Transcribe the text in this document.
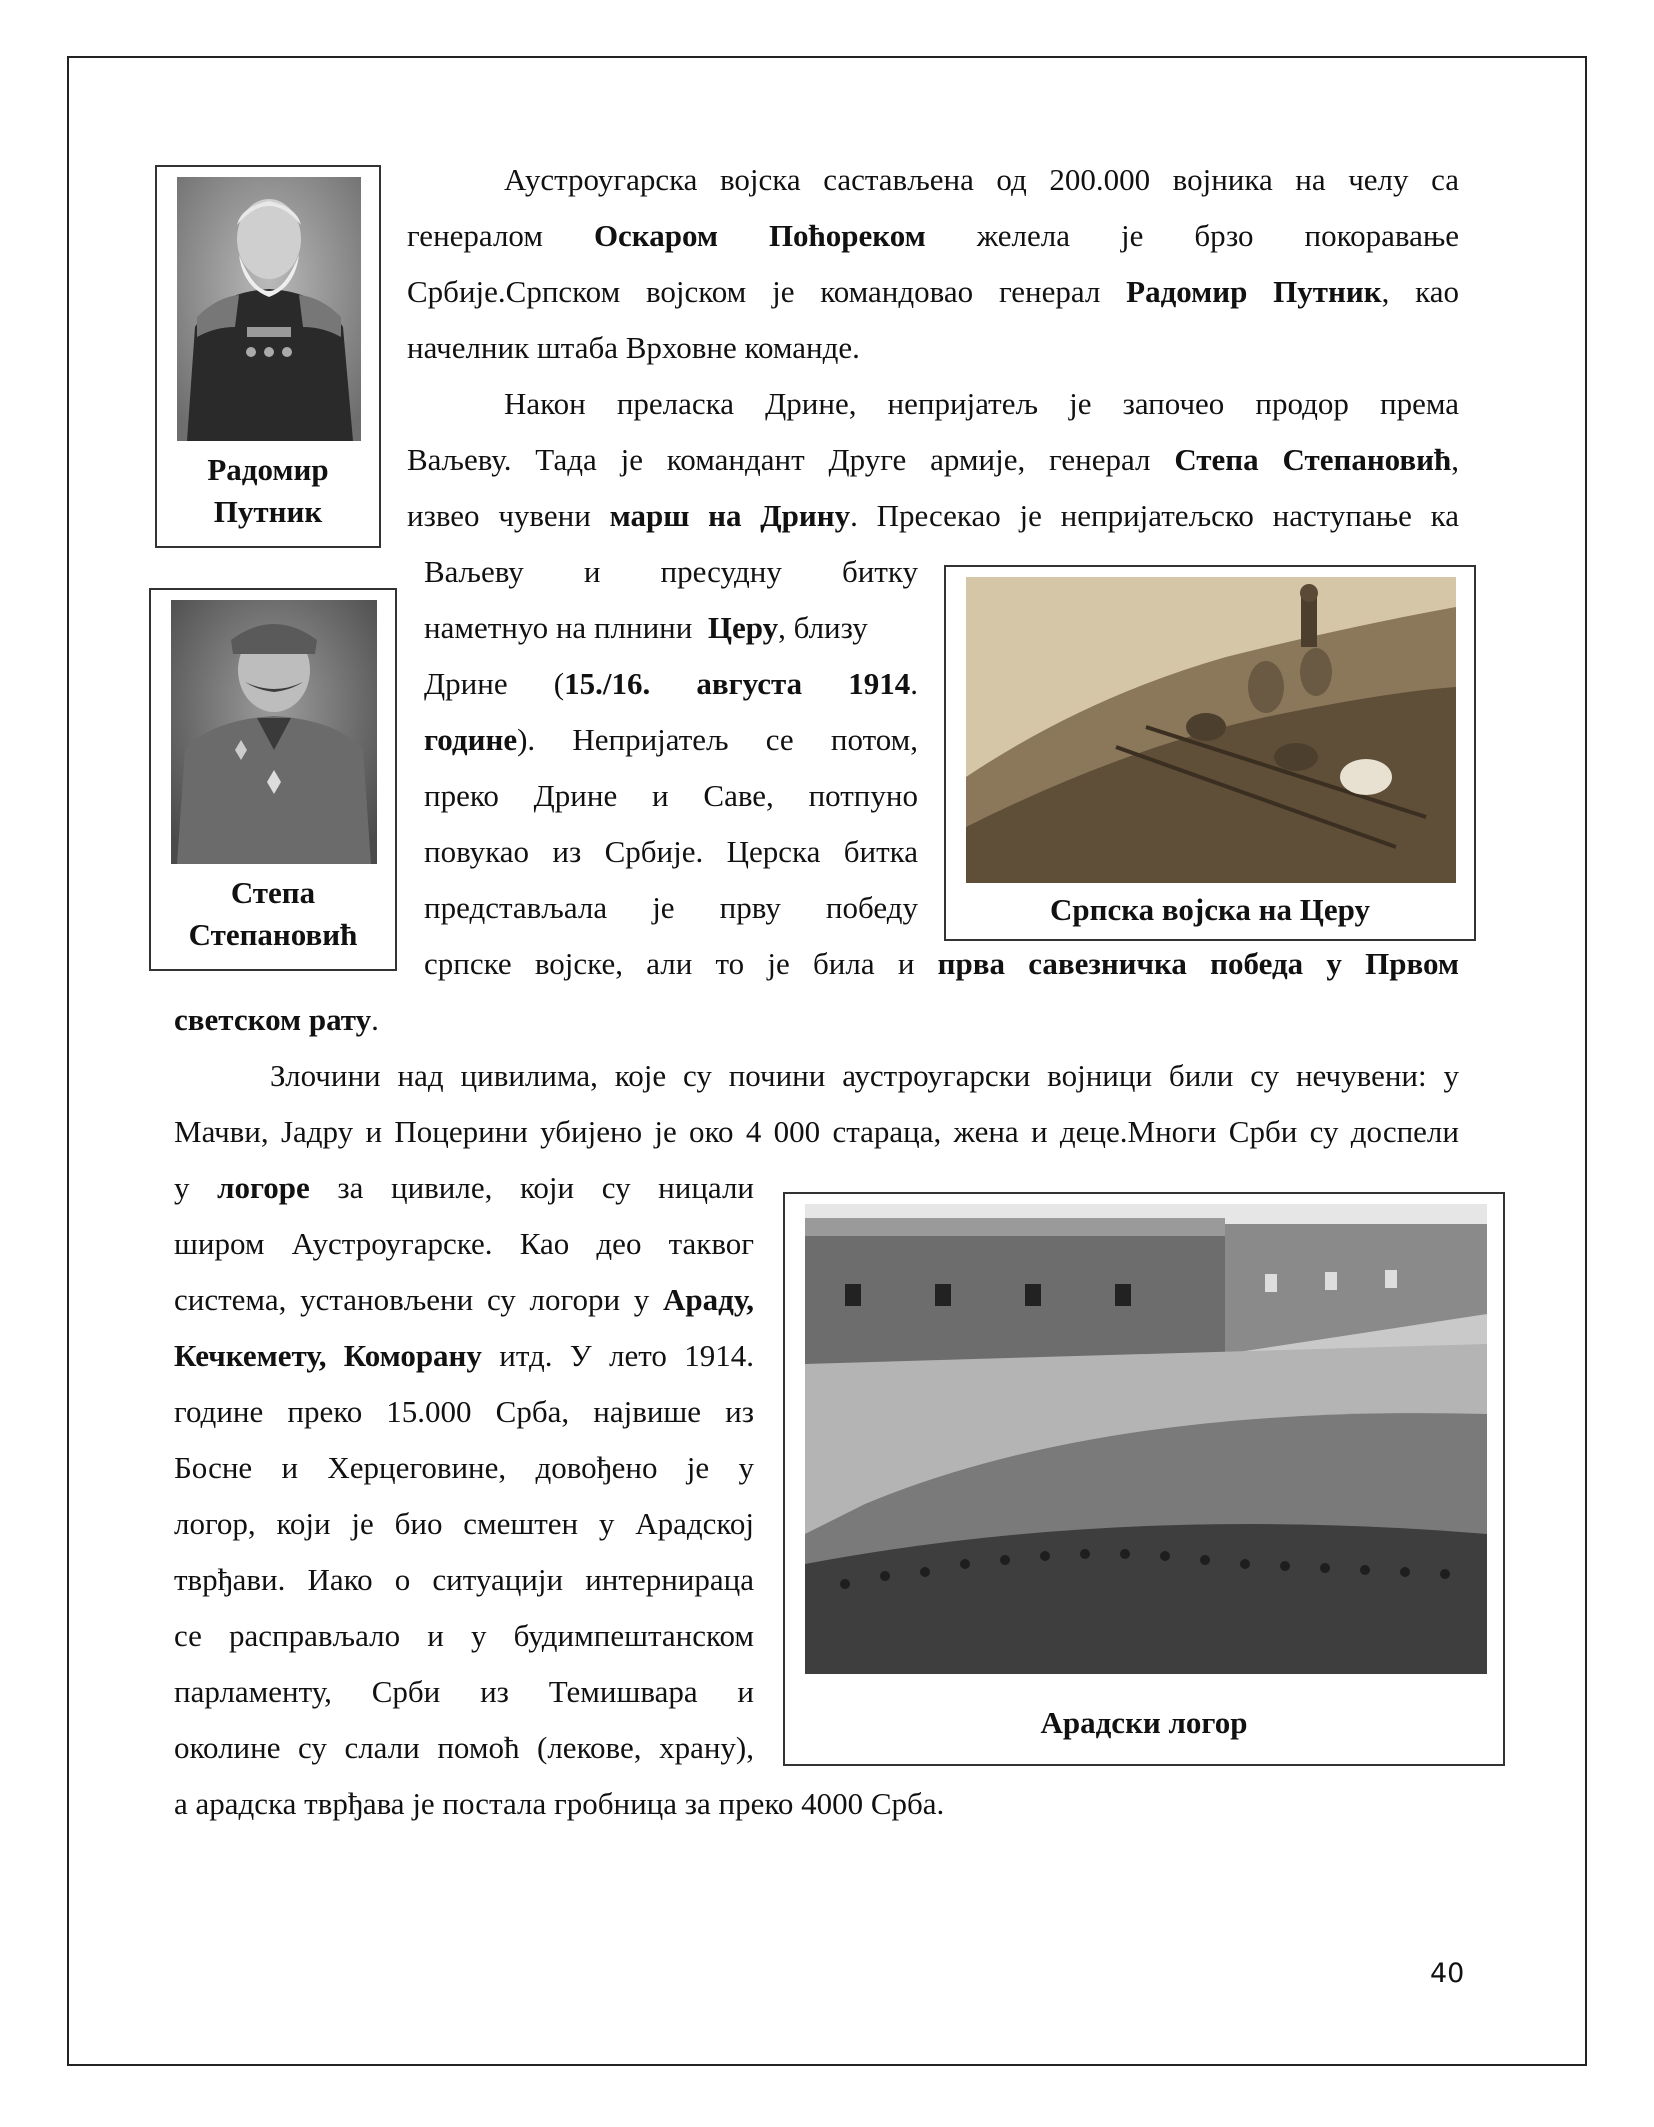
Радомир
Путник
Степа
Степановић
Аустроугарска војска састављена од 200.000 војника на челу са
генералом Оскаром Поћореком желела је брзо покоравање
Србије.Српском војском је командовао генерал Радомир Путник, као
начелник штаба Врховне команде.
Након преласка Дрине, непријатељ је започео продор према
Ваљеву. Тада је командант Друге армије, генерал Степа Степановић,
извео чувени марш на Дрину. Пресекао је непријатељско наступање ка
Српска војска на Церу
Ваљеву и пресудну битку
наметнуо на плнини Церу, близу
Дрине (15./16. августа 1914.
године). Непријатељ се потом,
преко Дрине и Саве, потпуно
повукао из Србије. Церска битка
представљала је прву победу
српске војске, али то је била и прва савезничка победа у Првом
светском рату.
Злочини над цивилима, које су почини аустроугарски војници били су нечувени: у
Мачви, Јадру и Поцерини убијено је око 4 000 стараца, жена и деце.Многи Срби су доспели
у логоре за цивиле, који су ницали
широм Аустроугарске. Као део таквог
система, установљени су логори у Араду,
Кечкемету, Коморану итд. У лето 1914.
године преко 15.000 Срба, највише из
Босне и Херцеговине, довођено је у
логор, који је био смештен у Арадској
тврђави. Иако о ситуацији интернираца
се расправљало и у будимпештанском
парламенту, Срби из Темишвара и
околине су слали помоћ (лекове, храну),
а арадска тврђава је постала гробница за преко 4000 Срба.
Арадски логор
40
